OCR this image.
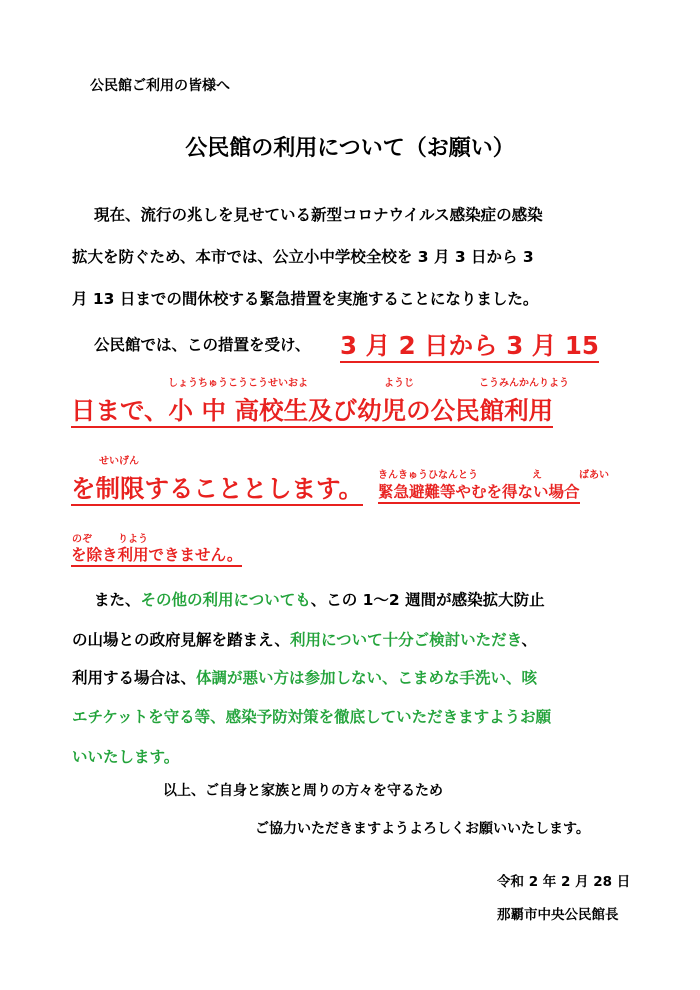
公民館ご利用の皆様へ
公民館の利用について（お願い）
現在、流行の兆しを見せている新型コロナウイルス感染症の感染
拡大を防ぐため、本市では、公立小中学校全校を 3 月 3 日から 3
月 13 日までの間休校する緊急措置を実施することになりました。
公民館では、この措置を受け、 3 月 2 日から 3 月 15
しょうちゅうこうこうせいおよ	ようじ	こうみんかんりよう
日まで、小 中 高校生及び幼児の公民館利用
せいげん
きんきゅうひなんとう	え	ばあい
を制限することとします。 緊急避難等やむを得ない場合
のぞ	りよう
を除き利用できません。
また、その他の利用についても、この 1～2 週間が感染拡大防止
の山場との政府見解を踏まえ、利用について十分ご検討いただき、
利用する場合は、体調が悪い方は参加しない、こまめな手洗い、咳
エチケットを守る等、感染予防対策を徹底していただきますようお願
いいたします。
以上、ご自身と家族と周りの方々を守るため
ご協力いただきますようよろしくお願いいたします。
令和 2 年 2 月 28 日
那覇市中央公民館長
